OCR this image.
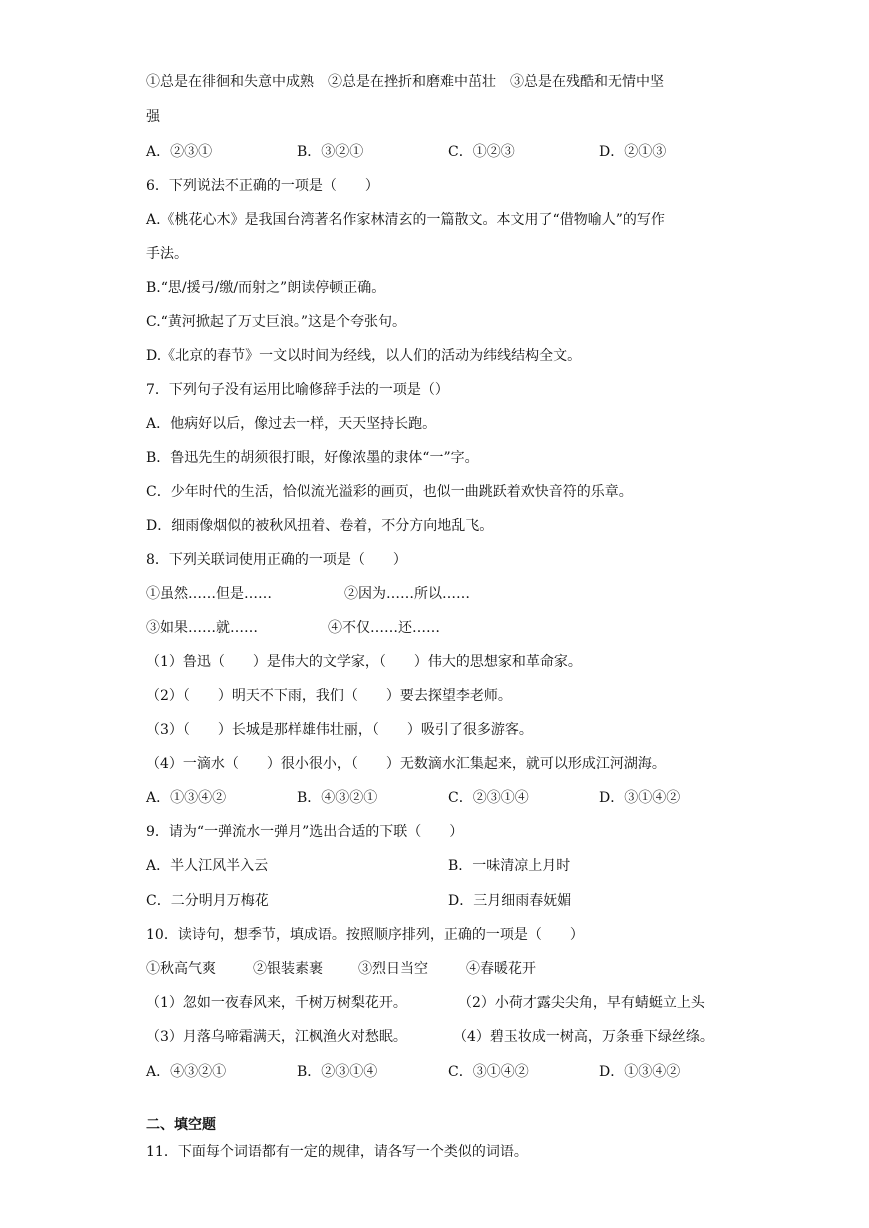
①总是在徘徊和失意中成熟　②总是在挫折和磨难中茁壮　③总是在残酷和无情中坚
强
A．②③①	B．③②①	C．①②③	D．②①③
6．下列说法不正确的一项是（　　）
A.《桃花心木》是我国台湾著名作家林清玄的一篇散文。本文用了“借物喻人”的写作
手法。
B.“思/援弓/缴/而射之”朗读停顿正确。
C.“黄河掀起了万丈巨浪。”这是个夸张句。
D.《北京的春节》一文以时间为经线，以人们的活动为纬线结构全文。
7．下列句子没有运用比喻修辞手法的一项是（）
A．他病好以后，像过去一样，天天坚持长跑。
B．鲁迅先生的胡须很打眼，好像浓墨的隶体“一”字。
C．少年时代的生活，恰似流光溢彩的画页，也似一曲跳跃着欢快音符的乐章。
D．细雨像烟似的被秋风扭着、卷着，不分方向地乱飞。
8．下列关联词使用正确的一项是（　　）
①虽然……但是……	②因为……所以……
③如果……就……	④不仅……还……
（1）鲁迅（　　）是伟大的文学家，（　　）伟大的思想家和革命家。
（2）（　　）明天不下雨，我们（　　）要去探望李老师。
（3）（　　）长城是那样雄伟壮丽，（　　）吸引了很多游客。
（4）一滴水（　　）很小很小，（　　）无数滴水汇集起来，就可以形成江河湖海。
A．①③④②	B．④③②①	C．②③①④	D．③①④②
9．请为“一弹流水一弹月”选出合适的下联（　　）
A．半人江风半入云	B．一味清凉上月时
C．二分明月万梅花	D．三月细雨春妩媚
10．读诗句，想季节，填成语。按照顺序排列，正确的一项是（　　）
①秋高气爽	②银装素裹	③烈日当空	④春暖花开
（1）忽如一夜春风来，千树万树梨花开。	（2）小荷才露尖尖角，早有蜻蜓立上头
（3）月落乌啼霜满天，江枫渔火对愁眠。	（4）碧玉妆成一树高，万条垂下绿丝绦。
A．④③②①	B．②③①④	C．③①④②	D．①③④②
二、填空题
11．下面每个词语都有一定的规律，请各写一个类似的词语。
